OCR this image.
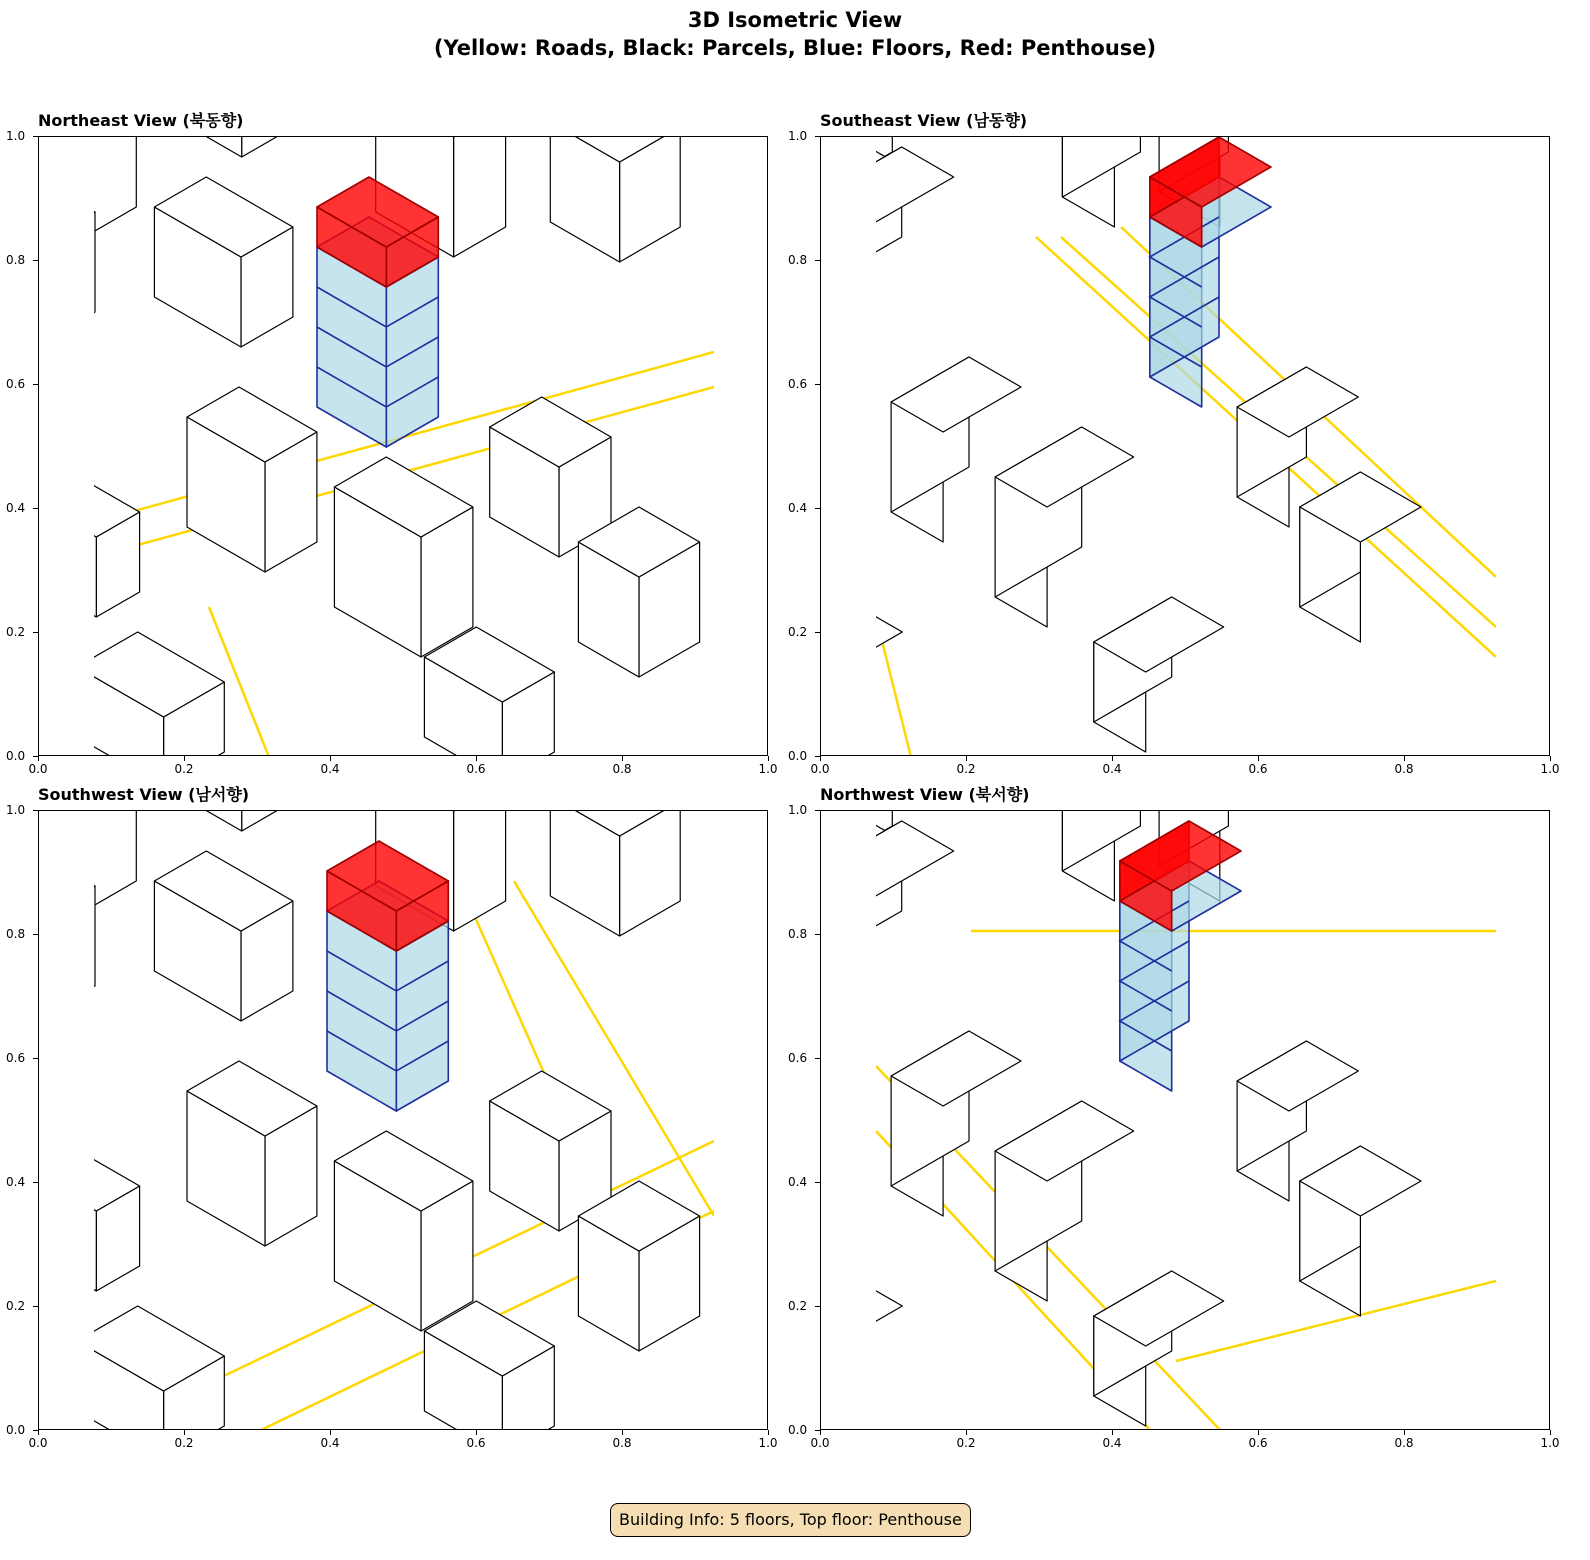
3D Isometric View
(Yellow: Roads, Black: Parcels, Blue: Floors, Red: Penthouse)
Northeast View (북동향)
0.0	0.2	0.4	0.6	0.8	1.0
0.0
0.2
0.4
0.6
0.8
1.0
Southeast View (남동향)
0.0	0.2	0.4	0.6	0.8	1.0
0.0
0.2
0.4
0.6
0.8
1.0
Southwest View (남서향)
0.0	0.2	0.4	0.6	0.8	1.0
0.0
0.2
0.4
0.6
0.8
1.0
Northwest View (북서향)
0.0	0.2	0.4	0.6	0.8	1.0
0.0
0.2
0.4
0.6
0.8
1.0
Building Info: 5 floors, Top floor: Penthouse
